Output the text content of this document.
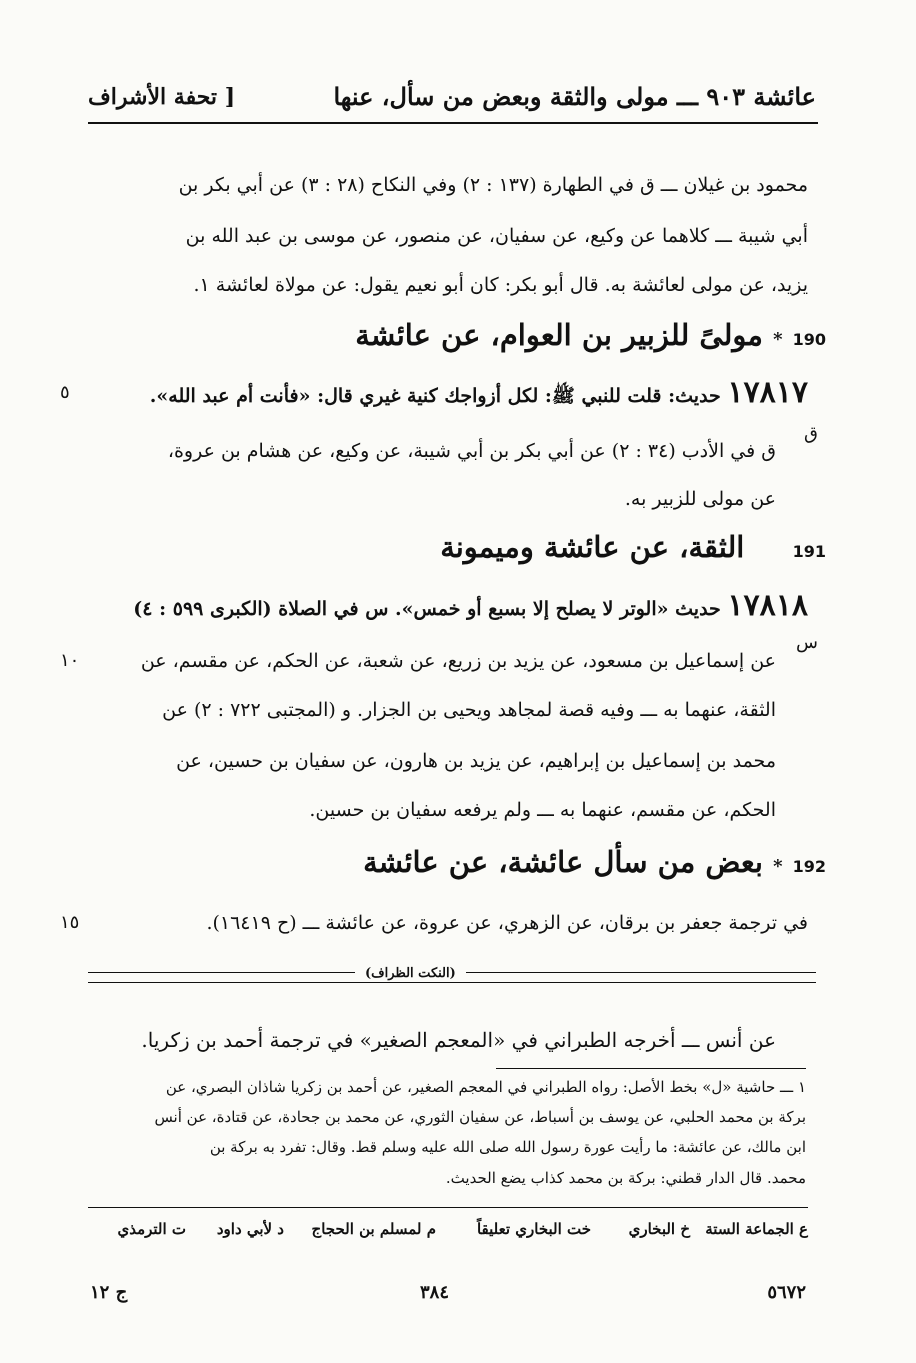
عائشة ٩٠٣ ـــ مولى والثقة وبعض من سأل، عنها
[ تحفة الأشراف
محمود بن غيلان ـــ ق في الطهارة (١٣٧ : ٢) وفي النكاح (٢٨ : ٣) عن أبي بكر بن
أبي شيبة ـــ كلاهما عن وكيع، عن سفيان، عن منصور، عن موسى بن عبد الله بن
يزيد، عن مولى لعائشة به. قال أبو بكر: كان أبو نعيم يقول: عن مولاة لعائشة ١.
190 * مولىً للزبير بن العوام، عن عائشة
١٧٨١٧ حديث: قلت للنبي ﷺ: لكل أزواجك كنية غيري قال: «فأنت أم عبد الله».
ق في الأدب (٣٤ : ٢) عن أبي بكر بن أبي شيبة، عن وكيع، عن هشام بن عروة،
عن مولى للزبير به.
ق
٥
191  الثقة، عن عائشة وميمونة
١٧٨١٨ حديث «الوتر لا يصلح إلا بسبع أو خمس». س في الصلاة (الكبرى ٥٩٩ : ٤)
عن إسماعيل بن مسعود، عن يزيد بن زريع، عن شعبة، عن الحكم، عن مقسم، عن
الثقة، عنهما به ـــ وفيه قصة لمجاهد ويحيى بن الجزار. و (المجتبى ٧٢٢ : ٢) عن
محمد بن إسماعيل بن إبراهيم، عن يزيد بن هارون، عن سفيان بن حسين، عن
الحكم، عن مقسم، عنهما به ـــ ولم يرفعه سفيان بن حسين.
س
١٠
192 * بعض من سأل عائشة، عن عائشة
في ترجمة جعفر بن برقان، عن الزهري، عن عروة، عن عائشة ـــ (ح ١٦٤١٩).
١٥
(النكت الظراف)
عن أنس ـــ أخرجه الطبراني في «المعجم الصغير» في ترجمة أحمد بن زكريا.
١ ـــ حاشية «ل» بخط الأصل: رواه الطبراني في المعجم الصغير، عن أحمد بن زكريا شاذان البصري، عن
بركة بن محمد الحلبي، عن يوسف بن أسباط، عن سفيان الثوري، عن محمد بن جحادة، عن قتادة، عن أنس
ابن مالك، عن عائشة: ما رأيت عورة رسول الله صلى الله عليه وسلم قط. وقال: تفرد به بركة بن
محمد. قال الدار قطني: بركة بن محمد كذاب يضع الحديث.
ع الجماعة الستة
خ البخاري
خت البخاري تعليقاً
م لمسلم بن الحجاج
د لأبي داود
ت الترمذي
٥٦٧٢
٣٨٤
ج ١٢
